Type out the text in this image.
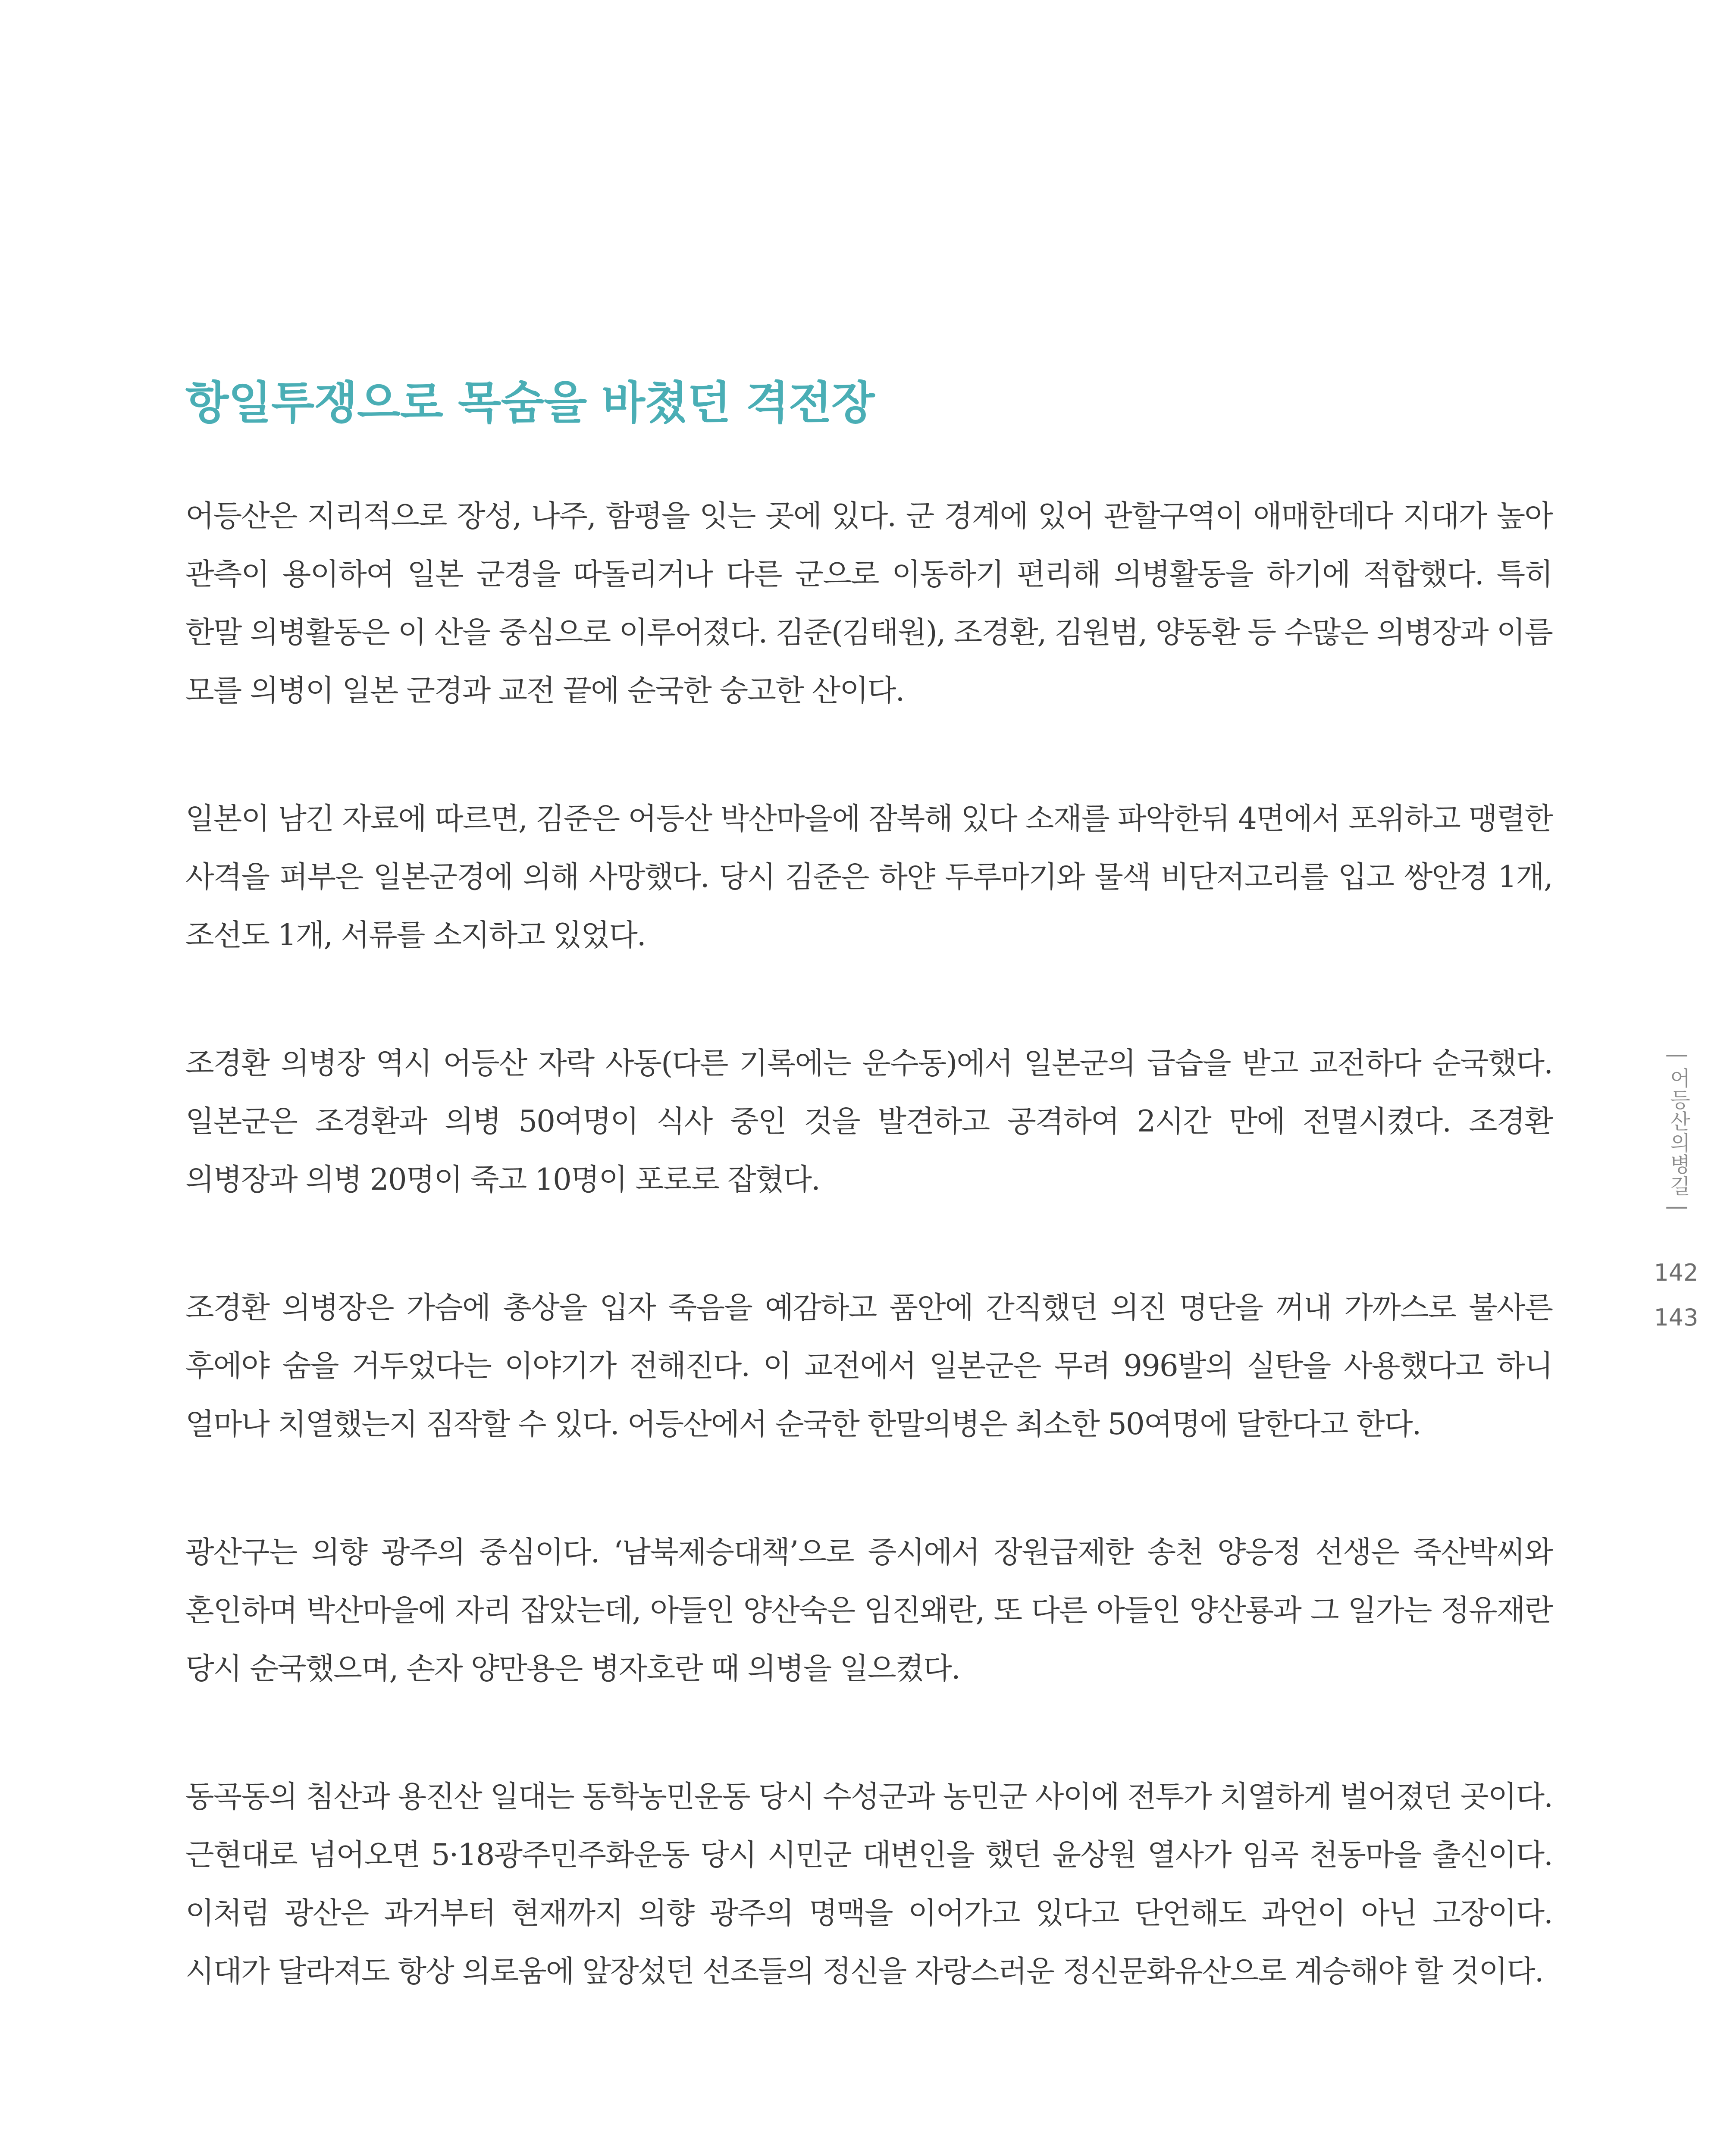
항일투쟁으로 목숨을 바쳤던 격전장

어등산은 지리적으로 장성, 나주, 함평을 잇는 곳에 있다. 군 경계에 있어 관할구역이 애매한데다 지대가 높아 관측이 용이하여 일본 군경을 따돌리거나 다른 군으로 이동하기 편리해 의병활동을 하기에 적합했다. 특히 한말 의병활동은 이 산을 중심으로 이루어졌다. 김준(김태원), 조경환, 김원범, 양동환 등 수많은 의병장과 이름 모를 의병이 일본 군경과 교전 끝에 순국한 숭고한 산이다.

일본이 남긴 자료에 따르면, 김준은 어등산 박산마을에 잠복해 있다 소재를 파악한뒤 4면에서 포위하고 맹렬한 사격을 퍼부은 일본군경에 의해 사망했다. 당시 김준은 하얀 두루마기와 물색 비단저고리를 입고 쌍안경 1개, 조선도 1개, 서류를 소지하고 있었다.

조경환 의병장 역시 어등산 자락 사동(다른 기록에는 운수동)에서 일본군의 급습을 받고 교전하다 순국했다. 일본군은 조경환과 의병 50여명이 식사 중인 것을 발견하고 공격하여 2시간 만에 전멸시켰다. 조경환 의병장과 의병 20명이 죽고 10명이 포로로 잡혔다.

조경환 의병장은 가슴에 총상을 입자 죽음을 예감하고 품안에 간직했던 의진 명단을 꺼내 가까스로 불사른 후에야 숨을 거두었다는 이야기가 전해진다. 이 교전에서 일본군은 무려 996발의 실탄을 사용했다고 하니 얼마나 치열했는지 짐작할 수 있다. 어등산에서 순국한 한말의병은 최소한 50여명에 달한다고 한다.

광산구는 의향 광주의 중심이다. ‘남북제승대책’으로 증시에서 장원급제한 송천 양응정 선생은 죽산박씨와 혼인하며 박산마을에 자리 잡았는데, 아들인 양산숙은 임진왜란, 또 다른 아들인 양산룡과 그 일가는 정유재란 당시 순국했으며, 손자 양만용은 병자호란 때 의병을 일으켰다.

동곡동의 침산과 용진산 일대는 동학농민운동 당시 수성군과 농민군 사이에 전투가 치열하게 벌어졌던 곳이다. 근현대로 넘어오면 5·18광주민주화운동 당시 시민군 대변인을 했던 윤상원 열사가 임곡 천동마을 출신이다. 이처럼 광산은 과거부터 현재까지 의향 광주의 명맥을 이어가고 있다고 단언해도 과언이 아닌 고장이다. 시대가 달라져도 항상 의로움에 앞장섰던 선조들의 정신을 자랑스러운 정신문화유산으로 계승해야 할 것이다.

| 어등산의병길 |
142
143
